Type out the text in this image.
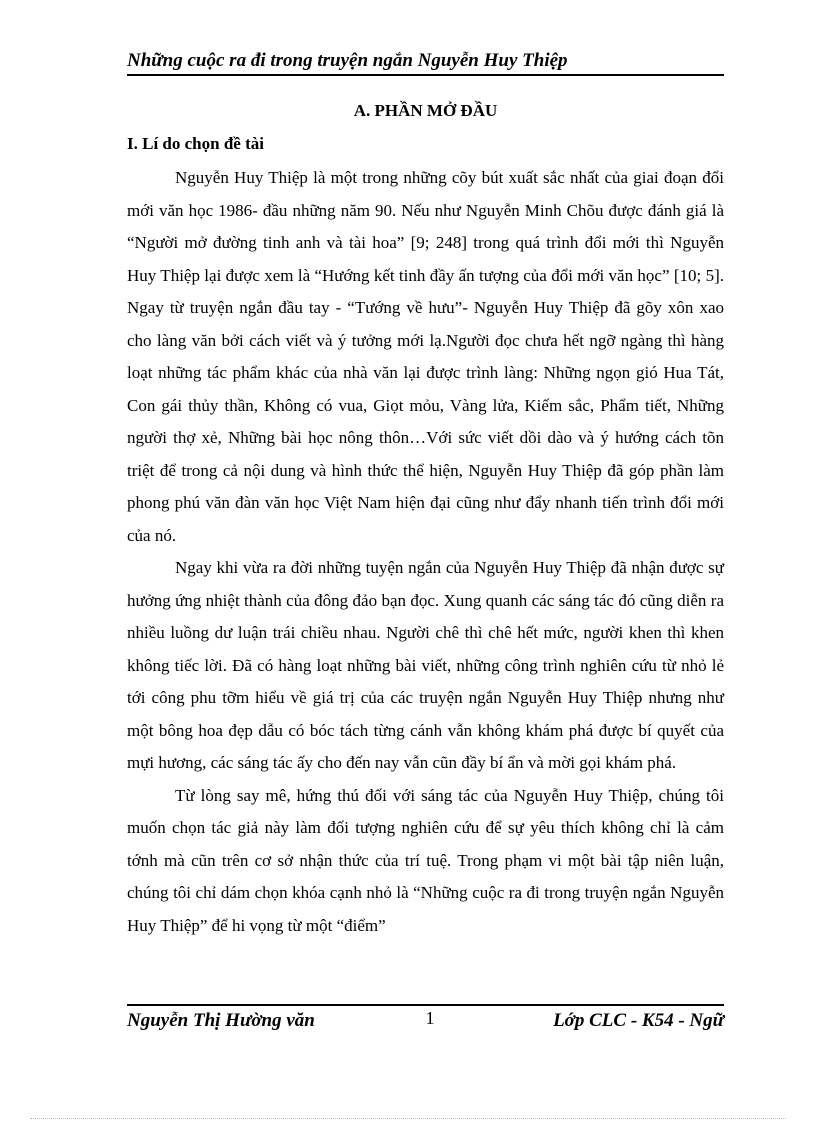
Những cuộc ra đi trong truyện ngắn Nguyễn Huy Thiệp
A. PHẦN MỞ ĐẦU
I. Lí do chọn đề tài

Nguyễn Huy Thiệp là một trong những cõy bút xuất sắc nhất của giai đoạn đổi mới văn học 1986- đầu những năm 90. Nếu như Nguyễn Minh Chõu được đánh giá là “Người mở đường tinh anh và tài hoa” [9; 248] trong quá trình đổi mới thì Nguyễn Huy Thiệp lại được xem là “Hướng kết tinh đầy ấn tượng của đổi mới văn học” [10; 5]. Ngay từ truyện ngắn đầu tay - “Tướng về hưu”- Nguyễn Huy Thiệp đã gõy xôn xao cho làng văn bởi cách viết và ý tưởng mới lạ.Người đọc chưa hết ngỡ ngàng thì hàng loạt những tác phẩm khác của nhà văn lại được trình làng: Những ngọn gió Hua Tát, Con gái thủy thần, Không có vua, Giọt mỏu, Vàng lửa, Kiếm sắc, Phẩm tiết, Những người thợ xẻ, Những bài học nông thôn…Với sức viết dồi dào và ý hướng cách tõn triệt để trong cả nội dung và hình thức thể hiện, Nguyễn Huy Thiệp đã góp phần làm phong phú văn đàn văn học Việt Nam hiện đại cũng như đẩy nhanh tiến trình đổi mới của nó.

Ngay khi vừa ra đời những tuyện ngắn của Nguyễn Huy Thiệp đã nhận được sự hưởng ứng nhiệt thành của đông đảo bạn đọc. Xung quanh các sáng tác đó cũng diễn ra nhiều luồng dư luận trái chiều nhau. Người chê thì chê hết mức, người khen thì khen không tiếc lời. Đã có hàng loạt những bài viết, những công trình nghiên cứu từ nhỏ lẻ tới công phu tỡm hiểu về giá trị của các truyện ngắn Nguyễn Huy Thiệp nhưng như một bông hoa đẹp dẫu có bóc tách từng cánh vẫn không khám phá được bí quyết của mựi hương, các sáng tác ấy cho đến nay vẫn cũn đầy bí ẩn và mời gọi khám phá.

Từ lòng say mê, hứng thú đối với sáng tác của Nguyễn Huy Thiệp, chúng tôi muốn chọn tác giả này làm đối tượng nghiên cứu để sự yêu thích không chỉ là cảm tớnh mà cũn trên cơ sở nhận thức của trí tuệ. Trong phạm vi một bài tập niên luận, chúng tôi chỉ dám chọn khóa cạnh nhỏ là “Những cuộc ra đi trong truyện ngắn Nguyễn Huy Thiệp” để hi vọng từ một “điểm”

Nguyễn Thị Hường văn	1	Lớp CLC - K54 - Ngữ
